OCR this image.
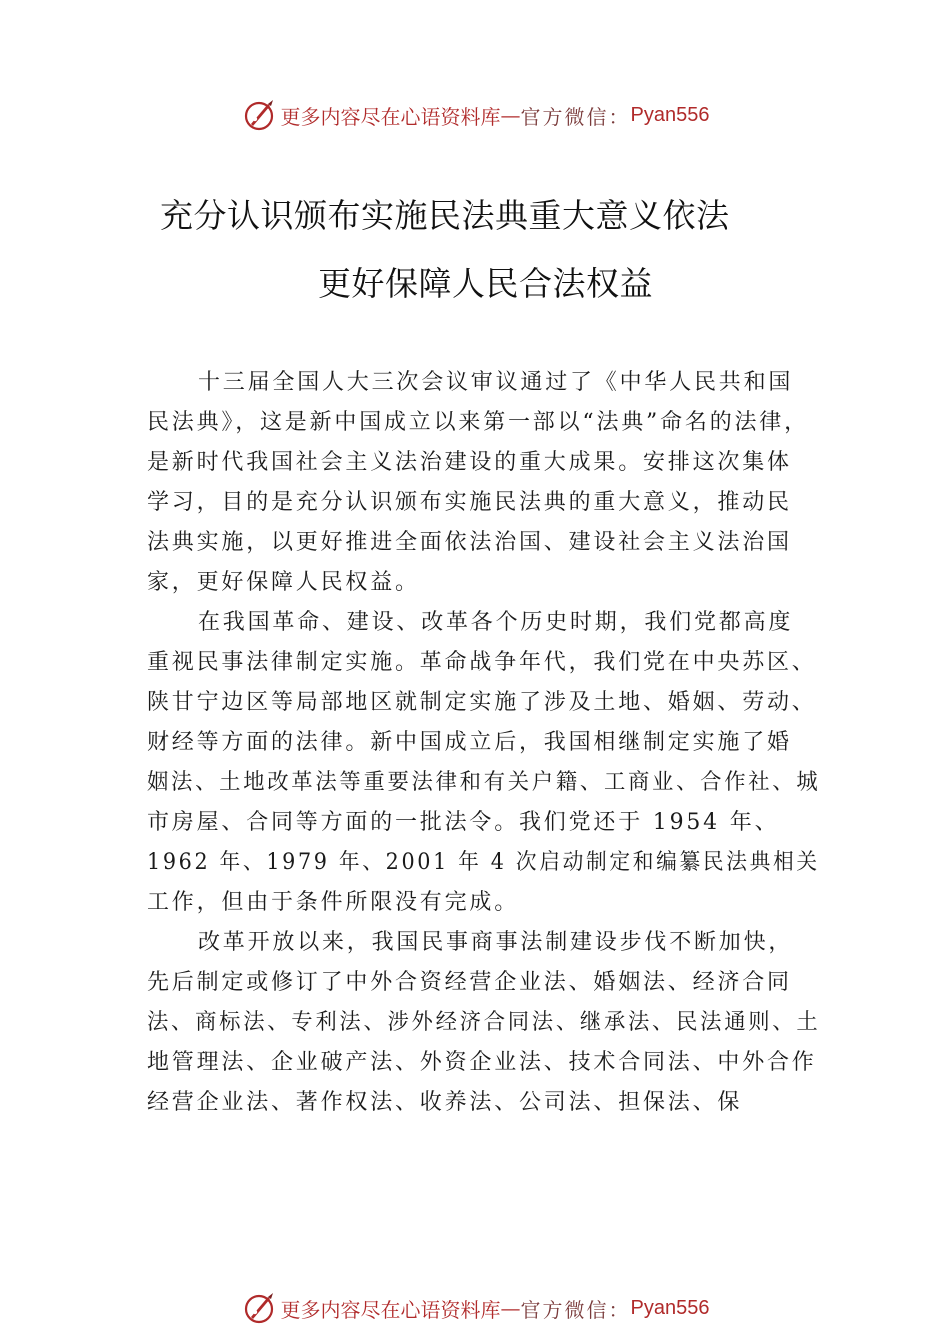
更多内容尽在心语资料库 — 官方微信： Pyan556
充分认识颁布实施民法典重大意义依法
更好保障人民合法权益
十三届全国人大三次会议审议通过了《中华人民共和国
民法典》，这是新中国成立以来第一部以“法典”命名的法律，
是新时代我国社会主义法治建设的重大成果。安排这次集体
学习，目的是充分认识颁布实施民法典的重大意义，推动民
法典实施，以更好推进全面依法治国、建设社会主义法治国
家，更好保障人民权益。
在我国革命、建设、改革各个历史时期，我们党都高度
重视民事法律制定实施。革命战争年代，我们党在中央苏区、
陕甘宁边区等局部地区就制定实施了涉及土地、婚姻、劳动、
财经等方面的法律。新中国成立后，我国相继制定实施了婚
姻法、土地改革法等重要法律和有关户籍、工商业、合作社、城
市房屋、合同等方面的一批法令。我们党还于 1954 年、
1962 年、1979 年、2001 年 4 次启动制定和编纂民法典相关
工作，但由于条件所限没有完成。
改革开放以来，我国民事商事法制建设步伐不断加快，
先后制定或修订了中外合资经营企业法、婚姻法、经济合同
法、商标法、专利法、涉外经济合同法、继承法、民法通则、土
地管理法、企业破产法、外资企业法、技术合同法、中外合作
经营企业法、著作权法、收养法、公司法、担保法、保
更多内容尽在心语资料库 — 官方微信： Pyan556
